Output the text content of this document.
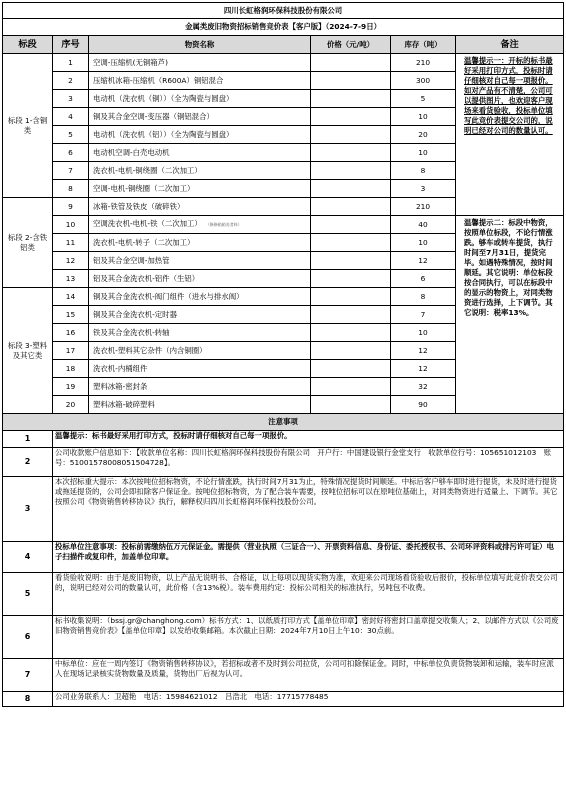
四川长虹格润环保科技股份有限公司					
金属类废旧物资招标销售竞价表【客户版】（2024-7-9日）					
标段	序号	物资名称	价格（元/吨）	库存（吨）	备注
标段 1-含铜类	1	空调-压缩机(无铜箱芦)		210	温馨提示一：开标的标书最好采用打印方式，投标时请仔细核对自己每一项报价。如对产品有不清楚，公司可以提供图片，也欢迎客户现场来看货验收，投标单位填写此竞价表提交公司的，说明已经对公司的数量认可。
	2	压缩机冰箱-压缩机（R600A）铜铝混合		300	
	3	电动机（洗衣机（铜））（全为陶瓷与圆盘）		5	
	4	铜及其合金空调-变压器（铜铝混合）		10	
	5	电动机（洗衣机（铝））（全为陶瓷与圆盘）		20	
	6	电动机空调-白壳电动机		10	
	7	洗衣机-电机-铜绕圈（二次加工）		8	
	8	空调-电机-铜绕圈（二次加工）		3	
标段 2-含铁铝类	9	冰箱-铁管及铁皮（破碎铁）		210	
	10	空调洗衣机-电机-铁（二次加工） （修修箱箱炎者料）		40	温馨提示二：标段中物资，按照单位标段，不论行情涨跌。够车或转车提货，执行时间至7月31日，提货完毕。如遇特殊情况，按时间顺延。其它说明：单位标段按合同执行，可以在标段中的显示的物资上，对同类物资进行选择，上下调节。其它说明：税率13%。
	11	洗衣机-电机-转子（二次加工）		10	
	12	铝及其合金空调-加热管		12	
	13	铝及其合金洗衣机-铝件（生铝）		6	
标段 3-塑料及其它类	14	铜及其合金洗衣机-阀门组件（进水与排水阀）		8	
	15	铜及其合金洗衣机-定时器		7	
	16	铁及其合金洗衣机-转轴		10	
	17	洗衣机-塑料其它杂件（内含铜圈）		12	
	18	洗衣机-内桶组件		12	
	19	塑料冰箱-密封条		32	
	20	塑料冰箱-破碎塑料		90	
注意事项					
1	温馨提示：标书最好采用打印方式，投标时请仔细核对自己每一项报价。				
2	公司收款账户信息如下：【收款单位名称：四川长虹格润环保科技股份有限公司　开户行：中国建设银行金堂支行　收款单位行号：105651012103　账号：51001578008051504728】。				
3	本次招标重大提示：本次按吨位招标物资，不论行情涨跌，执行时间7月31为止，特殊情况提货时间顺延。中标后客户够车即时进行提货，未及时进行提货或拖延提货的，公司会即扣除客户保证金。按吨位招标物资，为了配合装车需要，按吨位招标可以在原吨位基础上，对同类物资进行适量上、下调节。其它按照公司《物资销售转移协议》执行，解释权归四川长虹格润环保科技股份公司。				
4	投标单位注意事项：投标前需缴纳伍万元保证金。需提供（营业执照（三证合一）、开票资料信息、身份证、委托授权书、公司环评资料或排污许可证）电子扫描件或复印件，加盖单位印章。				
5	看货验收说明：由于是废旧物资，以上产品无说明书、合格证，以上每项以现货实物为准，欢迎来公司现场看货验收后报价，投标单位填写此竞价表交公司的，说明已经对公司的数量认可，此价格（含13%税）。装车费用约定：投标公司相关的标准执行，另吨包不收费。				
6	标书收集说明：（bssj.gr@changhong.com）标书方式：1、以纸质打印方式【盖单位印章】密封好将密封口盖章提交收集人；2、以邮件方式以《公司废旧物资销售竞价表》【盖单位印章】以发给收集邮箱。本次截止日期：2024年7月10日上午10：30点前。				
7	中标单位：应在一周内签订《物资销售转移协议》，若招标或者不及时到公司拉货，公司可扣除保证金。同时，中标单位负责货物装卸和运输，装车时应派人在现场记录核实货物数量及质量，货物出厂后视为认可。				
8	公司业务联系人：卫超艳　电话：15984621012　吕浩北　电话：17715778485				
